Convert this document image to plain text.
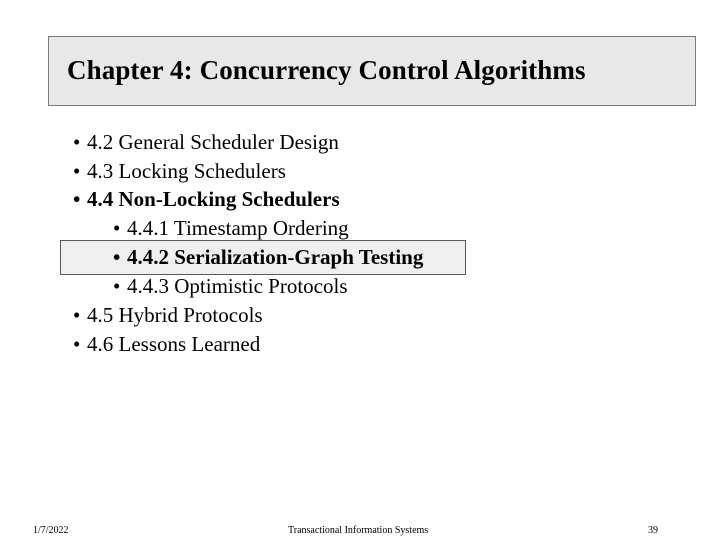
Chapter 4: Concurrency Control Algorithms
• 4.2 General Scheduler Design
• 4.3 Locking Schedulers
• 4.4 Non-Locking Schedulers
• 4.4.1 Timestamp Ordering
• 4.4.2 Serialization-Graph Testing
• 4.4.3 Optimistic Protocols
• 4.5 Hybrid Protocols
• 4.6 Lessons Learned
1/7/2022	Transactional Information Systems	39
